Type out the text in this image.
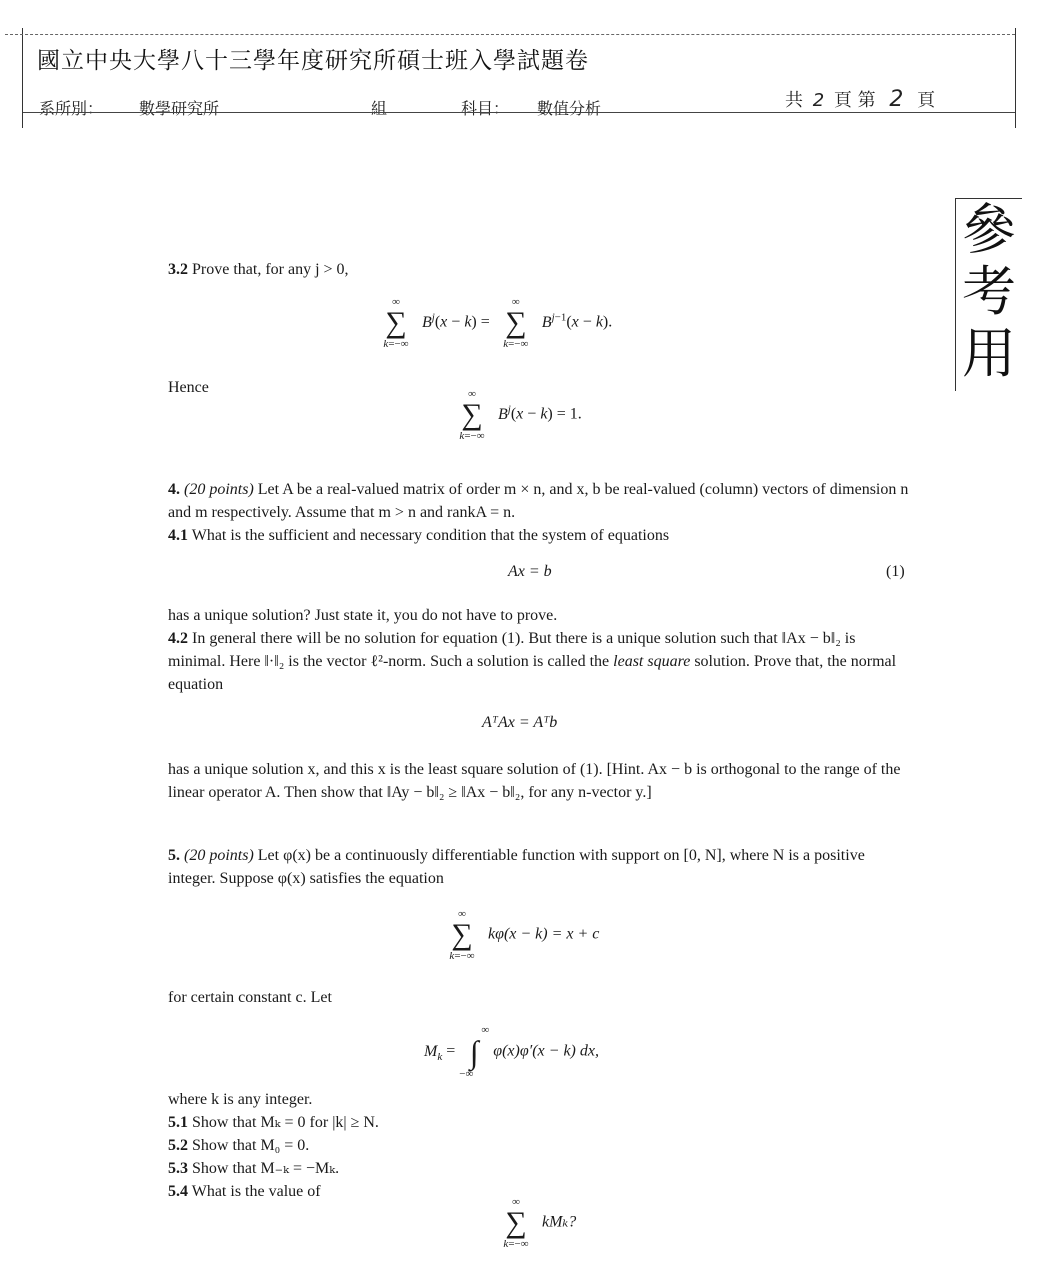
國立中央大學八十三學年度研究所碩士班入學試題卷
系所別： 數學研究所	組	科目： 數值分析	共 2 頁 第 2 頁
參
考
用
3.2 Prove that, for any j > 0,
∞
∑
k=−∞
$B^j(x - k)$ =
∞
∑
k=−∞
$B^{j-1}(x - k)$.
Hence	∞
∑
k=−∞
$B^j(x - k) = 1$.
4. (20 points) Let A be a real-valued matrix of order m × n, and x, b be real-valued (column) vectors of dimension n and m respectively. Assume that m > n and rankA = n.
4.1 What is the sufficient and necessary condition that the system of equations
Ax = b	(1)
has a unique solution? Just state it, you do not have to prove.
4.2 In general there will be no solution for equation (1). But there is a unique solution such that ‖Ax − b‖₂ is minimal. Here ‖·‖₂ is the vector ℓ²-norm. Such a solution is called the least square solution. Prove that, the normal equation
AᵀAx = Aᵀb
has a unique solution x, and this x is the least square solution of (1). [Hint. Ax − b is orthogonal to the range of the linear operator A. Then show that ‖Ay − b‖₂ ≥ ‖Ax − b‖₂, for any n-vector y.]
5. (20 points) Let φ(x) be a continuously differentiable function with support on [0, N], where N is a positive integer. Suppose φ(x) satisfies the equation
∞
∑
k=−∞
kφ(x − k) = x + c
for certain constant c. Let
$M_k$ =
∞
∫
−∞
φ(x)φ′(x − k) dx,
where k is any integer.
5.1 Show that Mₖ = 0 for |k| ≥ N.
5.2 Show that M₀ = 0.
5.3 Show that M₋ₖ = −Mₖ.
5.4 What is the value of
∞
∑
k=−∞
kMₖ?
